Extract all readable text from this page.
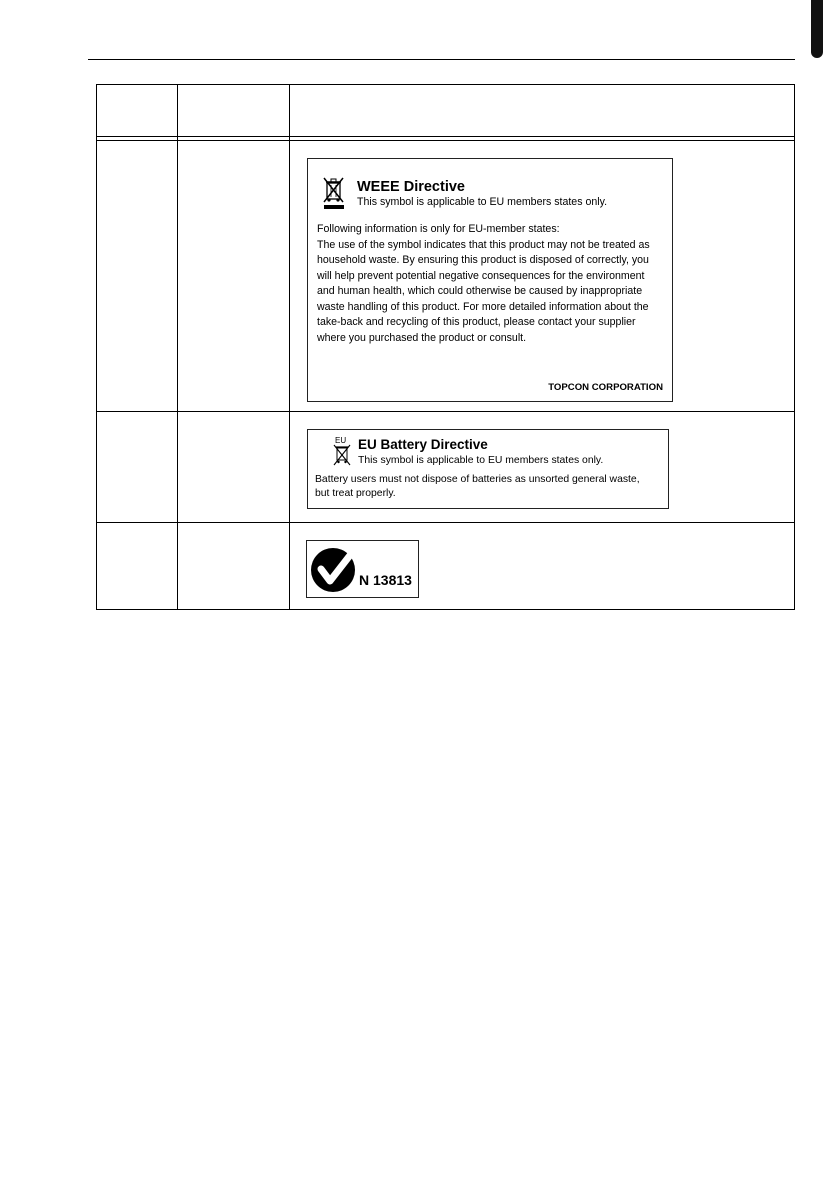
WEEE Directive
This symbol is applicable to EU members states only.
Following information is only for EU-member states:
The use of the symbol indicates that this product may not be treated as
household waste. By ensuring this product is disposed of correctly, you
will help prevent potential negative consequences for the environment
and human health, which could otherwise be caused by inappropriate
waste handling of this product. For more detailed information about the
take-back and recycling of this product, please contact your supplier
where you purchased the product or consult.
TOPCON CORPORATION
EU EU Battery Directive
This symbol is applicable to EU members states only.
Battery users must not dispose of batteries as unsorted general waste,
but treat properly.
N 13813
